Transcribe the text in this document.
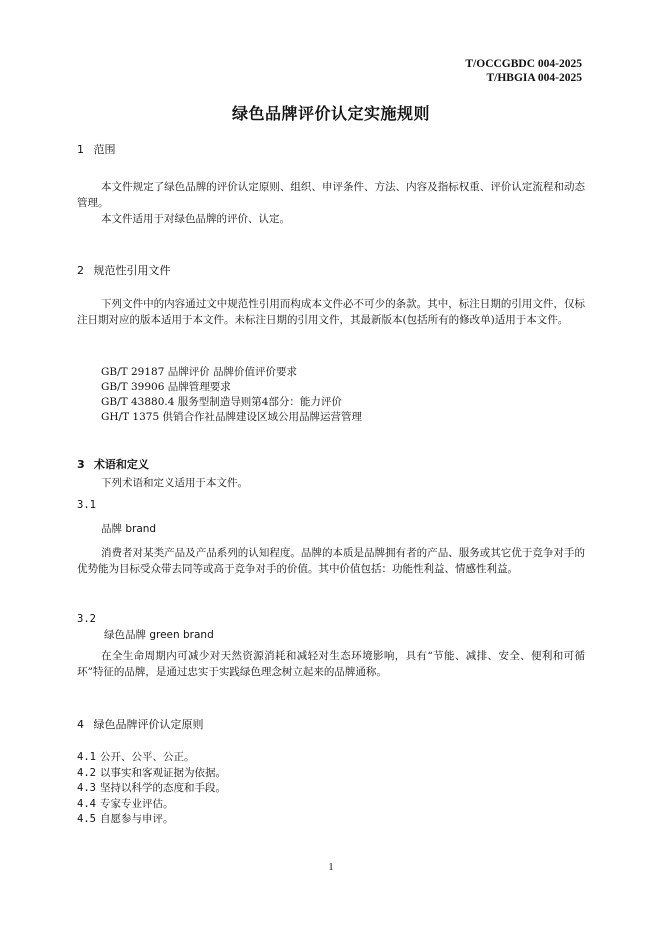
T/OCCGBDC 004-2025
T/HBGIA 004-2025
绿色品牌评价认定实施规则
1 范围
本文件规定了绿色品牌的评价认定原则、组织、申评条件、方法、内容及指标权重、评价认定流程和动态管理。
本文件适用于对绿色品牌的评价、认定。
2 规范性引用文件
下列文件中的内容通过文中规范性引用而构成本文件必不可少的条款。其中，标注日期的引用文件，仅标注日期对应的版本适用于本文件。未标注日期的引用文件，其最新版本(包括所有的修改单)适用于本文件。
GB/T 29187 品牌评价 品牌价值评价要求
GB/T 39906 品牌管理要求
GB/T 43880.4 服务型制造导则第4部分：能力评价
GH/T 1375 供销合作社品牌建设区域公用品牌运营管理
3 术语和定义
下列术语和定义适用于本文件。
3.1
品牌 brand
消费者对某类产品及产品系列的认知程度。品牌的本质是品牌拥有者的产品、服务或其它优于竞争对手的优势能为目标受众带去同等或高于竞争对手的价值。其中价值包括：功能性利益、情感性利益。
3.2
绿色品牌 green brand
在全生命周期内可减少对天然资源消耗和减轻对生态环境影响，具有“节能、减排、安全、便利和可循环”特征的品牌，是通过忠实于实践绿色理念树立起来的品牌通称。
4 绿色品牌评价认定原则
4.1 公开、公平、公正。
4.2 以事实和客观证据为依据。
4.3 坚持以科学的态度和手段。
4.4 专家专业评估。
4.5 自愿参与申评。
1
